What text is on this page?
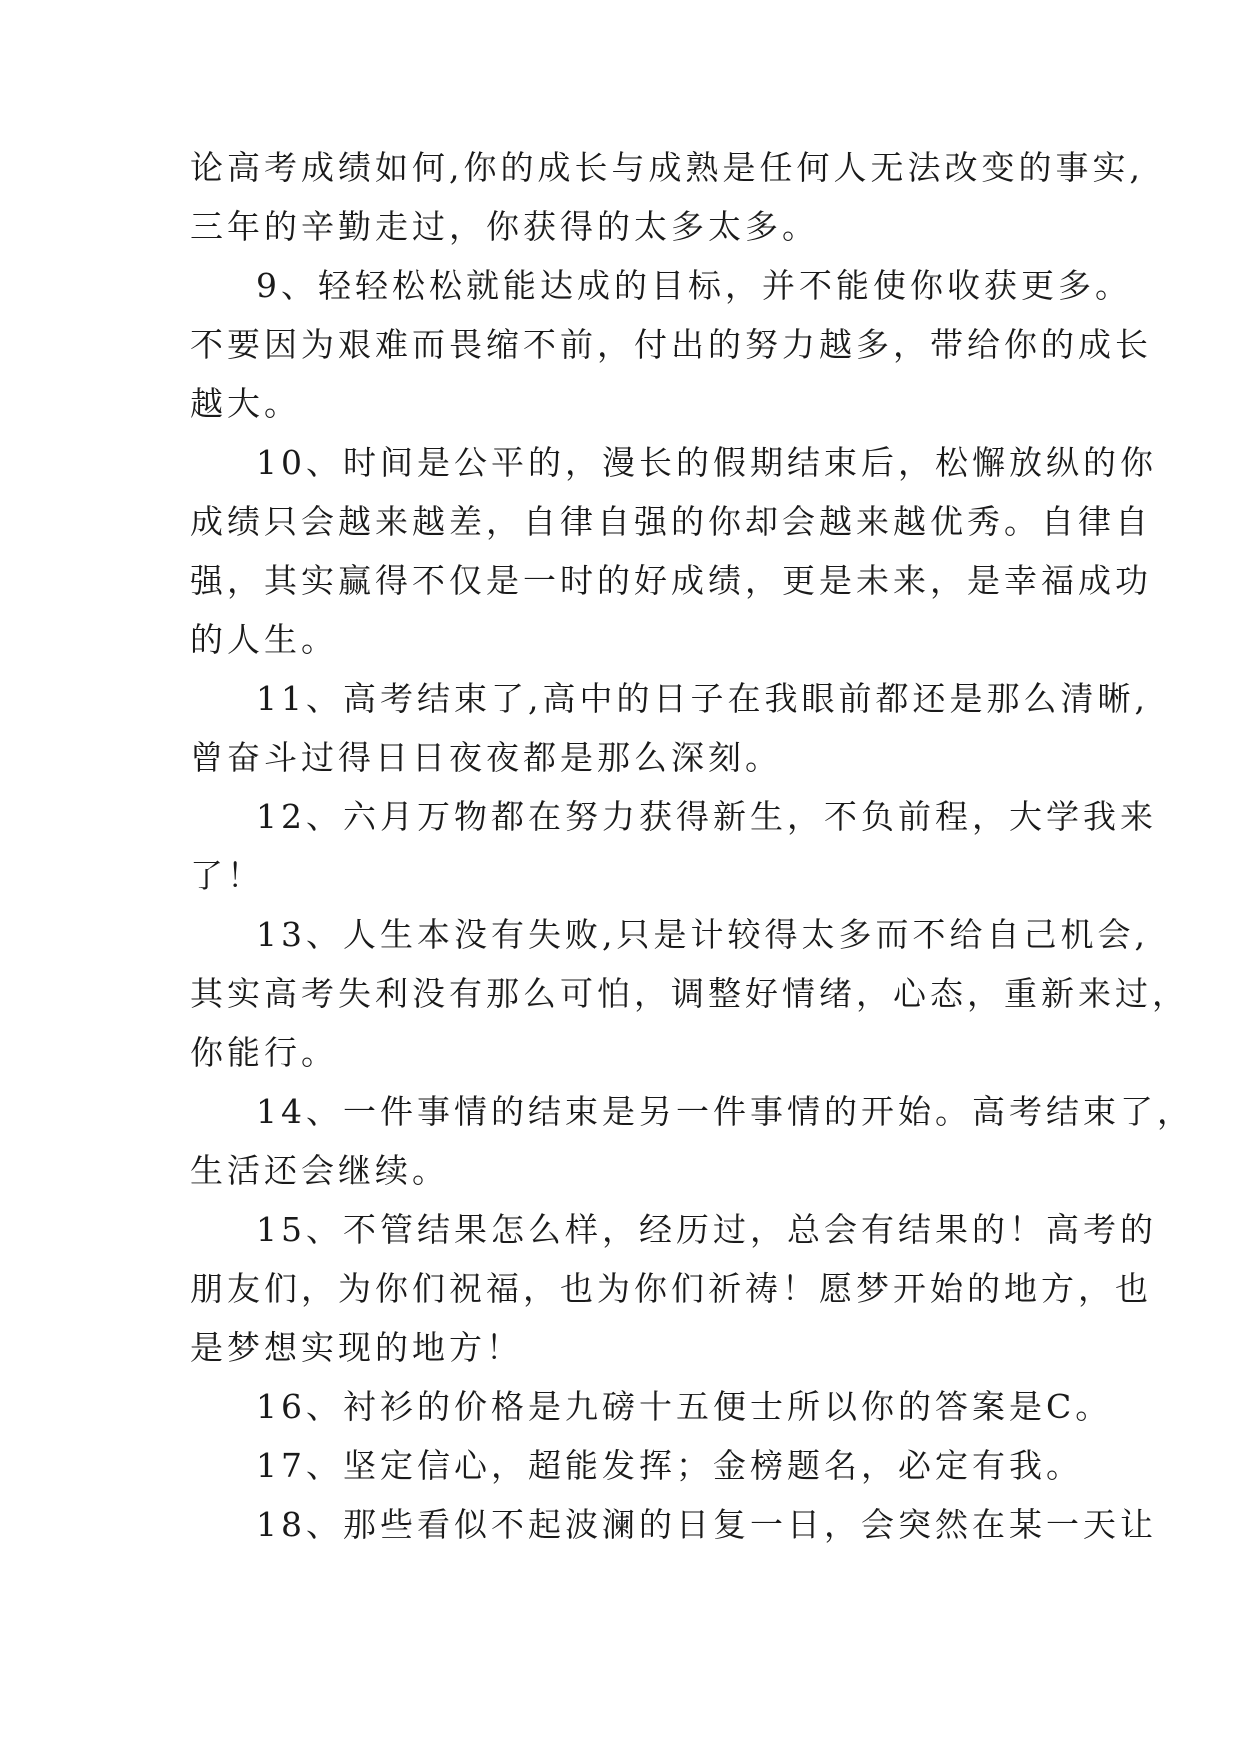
论高考成绩如何,你的成长与成熟是任何人无法改变的事实,
三年的辛勤走过，你获得的太多太多。
9、轻轻松松就能达成的目标，并不能使你收获更多。
不要因为艰难而畏缩不前，付出的努力越多，带给你的成长
越大。
10、时间是公平的，漫长的假期结束后，松懈放纵的你
成绩只会越来越差，自律自强的你却会越来越优秀。自律自
强，其实赢得不仅是一时的好成绩，更是未来，是幸福成功
的人生。
11、高考结束了,高中的日子在我眼前都还是那么清晰,
曾奋斗过得日日夜夜都是那么深刻。
12、六月万物都在努力获得新生，不负前程，大学我来
了！
13、人生本没有失败,只是计较得太多而不给自己机会,
其实高考失利没有那么可怕，调整好情绪，心态，重新来过，
你能行。
14、一件事情的结束是另一件事情的开始。高考结束了，
生活还会继续。
15、不管结果怎么样，经历过，总会有结果的！高考的
朋友们，为你们祝福，也为你们祈祷！愿梦开始的地方，也
是梦想实现的地方！
16、衬衫的价格是九磅十五便士所以你的答案是C。
17、坚定信心，超能发挥；金榜题名，必定有我。
18、那些看似不起波澜的日复一日，会突然在某一天让
